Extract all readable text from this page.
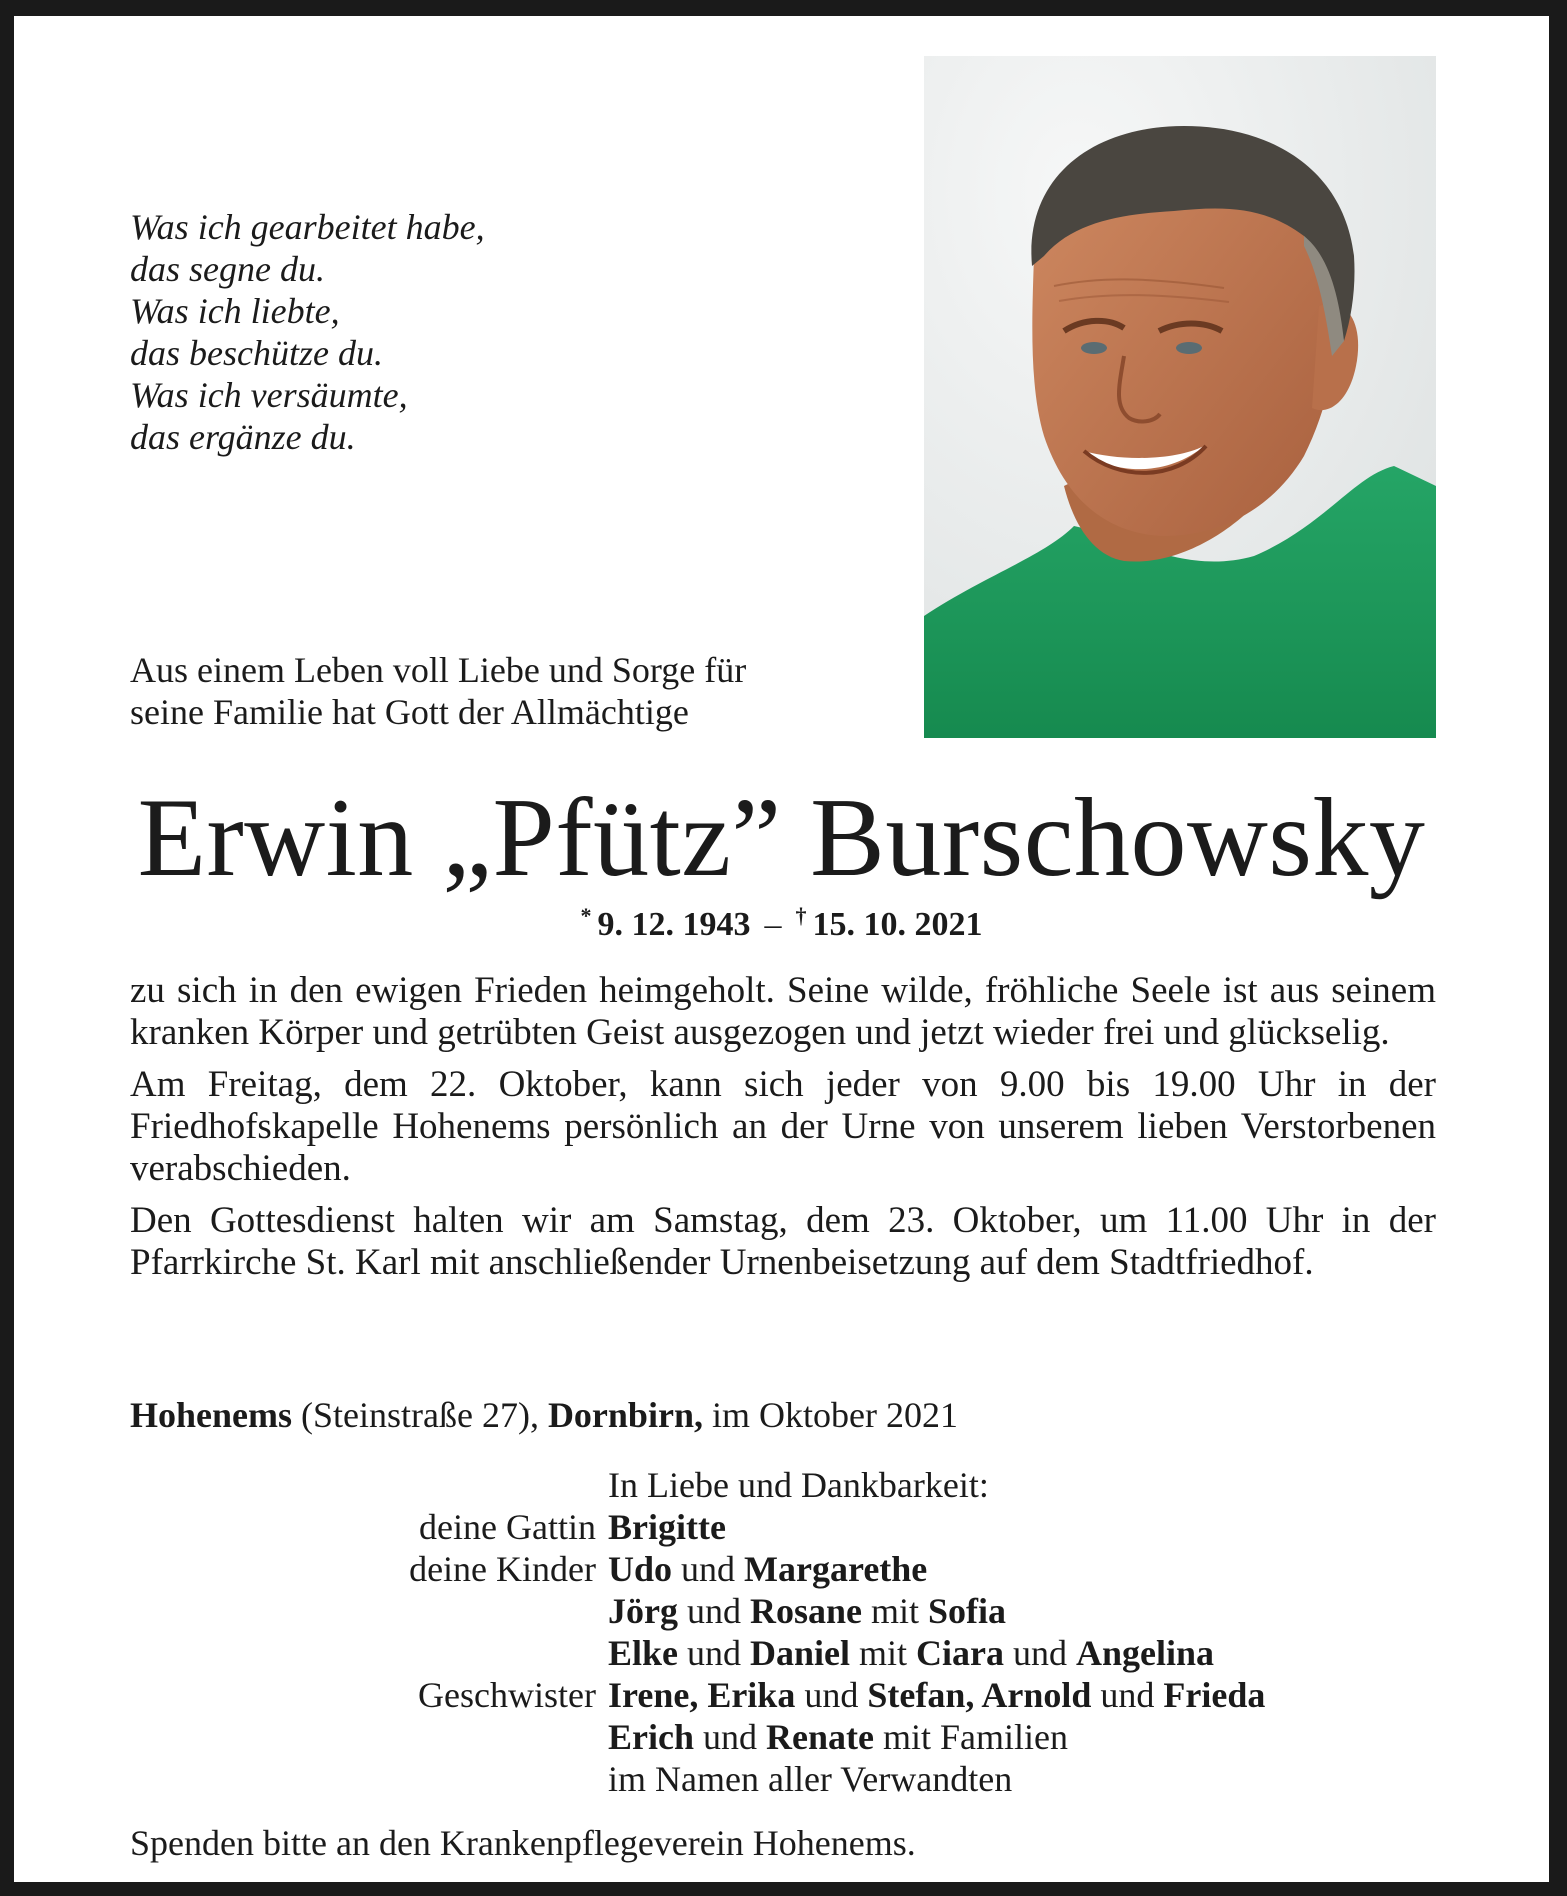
Was ich gearbeitet habe,
das segne du.
Was ich liebte,
das beschütze du.
Was ich versäumte,
das ergänze du.
Aus einem Leben voll Liebe und Sorge für
seine Familie hat Gott der Allmächtige
Erwin „Pfütz” Burschowsky
* 9. 12. 1943 – † 15. 10. 2021

zu sich in den ewigen Frieden heimgeholt. Seine wilde, fröhliche Seele ist aus seinem kranken Körper und getrübten Geist ausgezogen und jetzt wieder frei und glückselig.

Am Freitag, dem 22. Oktober, kann sich jeder von 9.00 bis 19.00 Uhr in der Friedhofskapelle Hohenems persönlich an der Urne von unserem lieben Verstorbenen verabschieden.

Den Gottesdienst halten wir am Samstag, dem 23. Oktober, um 11.00 Uhr in der Pfarrkirche St. Karl mit anschließender Urnenbeisetzung auf dem Stadtfriedhof.

Hohenems (Steinstraße 27), Dornbirn, im Oktober 2021
In Liebe und Dankbarkeit:
deine Gattin Brigitte
deine Kinder Udo und Margarethe
Jörg und Rosane mit Sofia
Elke und Daniel mit Ciara und Angelina
Geschwister Irene, Erika und Stefan, Arnold und Frieda
Erich und Renate mit Familien
im Namen aller Verwandten
Spenden bitte an den Krankenpflegeverein Hohenems.
